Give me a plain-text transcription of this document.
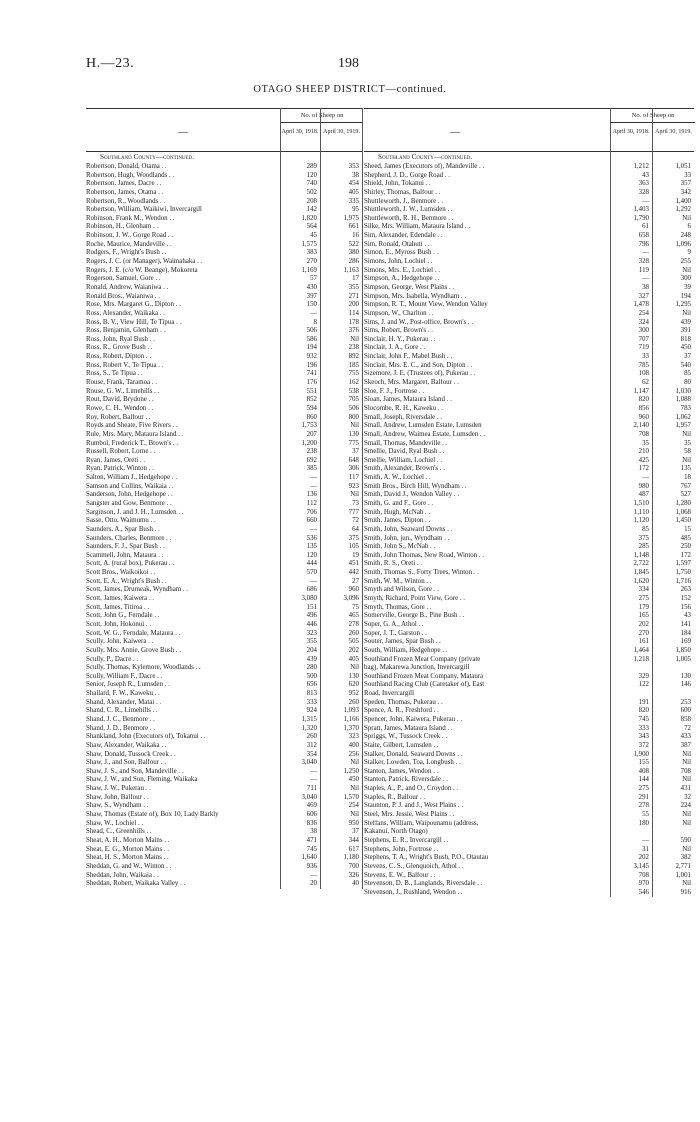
H.—23.	198
OTAGO SHEEP DISTRICT—continued.
—
No. of Sheep on
April 30, 1918. April 30, 1919.
Southland County—continued.
Robertson, Donald, Otama . .	289	353
Robertson, Hugh, Woodlands . .	120	38
Robertson, James, Dacre . .	740	454
Robertson, James, Otama . .	502	405
Robertson, R., Woodlands . .	208	335
Robertson, William, Waikiwi, Invercargill	142	95
Robinson, Frank M., Wendon . .	1,820	1,975
Robinson, H., Glenham . .	564	661
Robinson, J. W., Gorge Road . .	45	16
Roche, Maurice, Mandeville . .	1,575	522
Rodgers, F., Wright's Bush . .	383	380
Rogers, J. C. (or Manager), Waimahaka . .	270	286
Rogers, J. E. (c/o W. Beange), Mokoreta	1,169	1,163
Rogerson, Samuel, Gore . .	57	17
Ronald, Andrew, Waianiwa . .	430	355
Ronald Bros., Waianiwa . .	397	271
Rose, Mrs. Margaret G., Dipton . .	150	200
Ross, Alexander, Waikaka . .	—	114
Ross, B. V., View Hill, Te Tipua . .	8	178
Ross, Benjamin, Glenham . .	506	376
Ross, John, Ryal Bush . .	586	Nil
Ross, R., Grove Bush . .	194	238
Ross, Robert, Dipton . .	932	892
Ross, Robert V., Te Tipua . .	196	185
Ross, S., Te Tipua . .	741	755
Rouse, Frank, Taramoa . .	176	162
Rouse, G. W., Limehills . .	551	538
Rout, David, Brydone . .	852	705
Rowe, C. H., Wendon . .	594	506
Roy, Robert, Balfour . .	860	800
Royds and Sheate, Five Rivers . .	1,753	Nil
Rule, Mrs. Mary, Mataura Island . .	207	130
Rumbol, Frederick T., Brown's . .	1,200	775
Russell, Robert, Lorne . .	238	37
Ryan, James, Oreti . .	692	648
Ryan, Patrick, Winton . .	385	306
Salton, William J., Hedgehope . .	—	117
Samson and Collins, Waikaia . .	—	923
Sanderson, John, Hedgehope . .	136	Nil
Sangster and Gow, Benmore . .	112	73
Sarginson, J. and J. H., Lumsden . .	706	777
Sasse, Otto, Waimumu . .	660	72
Saunders, A., Spar Bush . .	—	64
Saunders, Charles, Benmore . .	536	375
Saunders, F. J., Spar Bush . .	135	105
Scammell, John, Mataura . .	120	19
Scott, A. (rural box), Pukerau . .	444	451
Scott Bros., Waikoikoi . .	570	442
Scott, E. A., Wright's Bush . .	—	27
Scott, James, Drumeak, Wyndham . .	686	960
Scott, James, Kaiwera . .	3,080	3,096
Scott, James, Titiroa . .	151	75
Scott, John G., Ferndale . .	496	465
Scott, John, Hokonui . .	446	278
Scott, W. G., Ferndale, Mataura . .	323	260
Scully, John, Kaiwera . .	355	505
Scully, Mrs. Annie, Grove Bush . .	204	202
Scully, P., Dacre . .	439	405
Scully, Thomas, Kylemore, Woodlands . .	280	Nil
Scully, William F., Dacre . .	500	130
Senior, Joseph R., Lumsden . .	656	620
Shallard, F. W., Kaweku . .	813	952
Shand, Alexander, Matai . .	333	260
Shand, C. R., Limehills . .	924	1,093
Shand, J. C., Benmore . .	1,315	1,166
Shand, J. D., Benmore . .	1,320	1,370
Shankland, John (Executors of), Tokanui . .	260	323
Shaw, Alexander, Waikaka . .	312	400
Shaw, Donald, Tussock Creek . .	354	256
Shaw, J., and Son, Balfour . .	3,040	Nil
Shaw, J. S., and Son, Mandeville . .	—	1,250
Shaw, J. W., and Son, Fleming, Waikaka	—	450
Shaw, J. W., Pukerau . .	711	Nil
Shaw, John, Balfour . .	3,040	1,570
Shaw, S., Wyndham . .	469	254
Shaw, Thomas (Estate of), Box 10, Lady Barkly	606	Nil
Shaw, W., Lochiel . .	836	950
Shead, C., Greenhills . .	38	37
Sheat, A. H., Morton Mains . .	471	344
Sheat, E. G., Morton Mains . .	745	617
Sheat, H. S., Morton Mains . .	1,640	1,180
Sheddan, G. and W., Winton . .	936	700
Sheddan, John, Waikaia . .	—	326
Sheddan, Robert, Waikaka Valley . .	20	40
—
No. of Sheep on
April 30, 1918. April 30, 1919.
Southland County—continued.
Sheed, James (Executors of), Mandeville . .	1,212	1,051
Shepherd, J. D., Gorge Road . .	43	33
Shield, John, Tokanui . .	363	357
Shirley, Thomas, Balfour . .	328	342
Shuttleworth, J., Benmore . .	—	1,400
Shuttleworth, J. W., Lumsden . .	1,403	1,292
Shuttleworth, R. H., Benmore . .	1,790	Nil
Silke, Mrs. William, Mataura Island . .	61	6
Sim, Alexander, Edendale . .	658	248
Sim, Ronald, Otahuti . .	796	1,096
Simon, E., Myross Bush . .	—	9
Simons, John, Lochiel . .	328	255
Simons, Mrs. E., Lochiel . .	119	Nil
Simpson, A., Hedgehope . .	—	300
Simpson, George, West Plains . .	38	39
Simpson, Mrs. Isabella, Wyndham . .	327	194
Simpson, R. T., Mount View, Wendon Valley	1,478	1,295
Simpson, W., Charlton . .	254	Nil
Sims, J. and W., Post-office, Brown's . .	324	439
Sims, Robert, Brown's . .	300	391
Sinclair, H. Y., Pukerau . .	707	818
Sinclair, J. A., Gore . .	719	450
Sinclair, John F., Mabel Bush . .	33	37
Sinclair, Mrs. E. C., and Son, Dipton . .	785	540
Sizemore, J. E. (Trustees of), Pukerau . .	108	85
Skeoch, Mrs. Margaret, Balfour . .	62	80
Sloe, F. J., Fortrose . .	1,147	1,030
Sloan, James, Mataura Island . .	820	1,088
Slocombe, R. H., Kaweku . .	856	783
Small, Joseph, Riversdale . .	960	1,062
Small, Andrew, Lumsden Estate, Lumsden	2,140	1,957
Small, Andrew, Waimea Estate, Lumsden . .	708	Nil
Small, Thomas, Mandeville . .	35	35
Smellie, David, Ryal Bush . .	210	58
Smellie, William, Lochiel . .	425	Nil
Smith, Alexander, Brown's . .	172	135
Smith, A. W., Lochiel . .	—	18
Smith Bros., Birch Hill, Wyndham . .	980	767
Smith, David J., Wendon Valley . .	487	527
Smith, G. and F., Gore . .	1,510	1,280
Smith, Hugh, McNab . .	1,110	1,068
Smith, James, Dipton . .	1,120	1,450
Smith, John, Seaward Downs . .	85	15
Smith, John, jun., Wyndham . .	375	485
Smith, John S., McNab . .	285	250
Smith, John Thomas, New Road, Winton . .	1,148	172
Smith, R. S., Oreti . .	2,722	1,597
Smith, Thomas S., Forty Trees, Winton . .	1,845	1,750
Smith, W. M., Winton . .	1,620	1,716
Smyth and Wilson, Gore . .	334	263
Smyth, Richard, Point View, Gore . .	275	152
Smyth, Thomas, Gore . .	179	156
Somerville, George B., Pine Bush . .	165	43
Soper, G. A., Athol . .	202	141
Soper, J. T., Garston . .	270	184
Souter, James, Spar Bush . .	161	169
South, William, Hedgehope . .	1,464	1,850
Southland Frozen Meat Company (private	1,218	1,005
bag), Makarewa Junction, Invercargill
Southland Frozen Meat Company, Mataura	329	130
Southland Racing Club (Caretaker of), East	122	146
Road, Invercargill
Speden, Thomas, Pukerau . .	191	253
Spence, A. R., Freshford . .	820	600
Spencer, John, Kaiwera, Pukerau . .	745	858
Spratt, James, Mataura Island . .	333	72
Spriggs, W., Tussock Creek . .	343	433
Staite, Gilbert, Lumsden . .	372	387
Stalker, Donald, Seaward Downs . .	1,900	Nil
Stalker, Lowden, Toa, Longbush . .	155	Nil
Stanton, James, Wendon . .	408	708
Stanton, Patrick, Riversdale . .	144	Nil
Staples, A., P., and O., Croydon . .	275	431
Staples, R., Balfour . .	291	32
Staunton, P. J. and J., West Plains . .	278	224
Steel, Mrs. Jessie, West Plains . .	55	Nil
Steffans, William, Waipounamu (address,	180	Nil
Kakanui, North Otago)
Stephens, E. R., Invercargill . .	—	590
Stephens, John, Fortrose . .	31	Nil
Stephens, T. A., Wright's Bush, P.O., Otautau	202	382
Stevens, C. S., Glenquoich, Athol . .	3,145	2,771
Stevens, E. W., Balfour . .	708	1,001
Stevenson, D. B., Langlands, Riversdale . .	970	Nil
Stevenson, J., Rushland, Wendon . .	546	916
